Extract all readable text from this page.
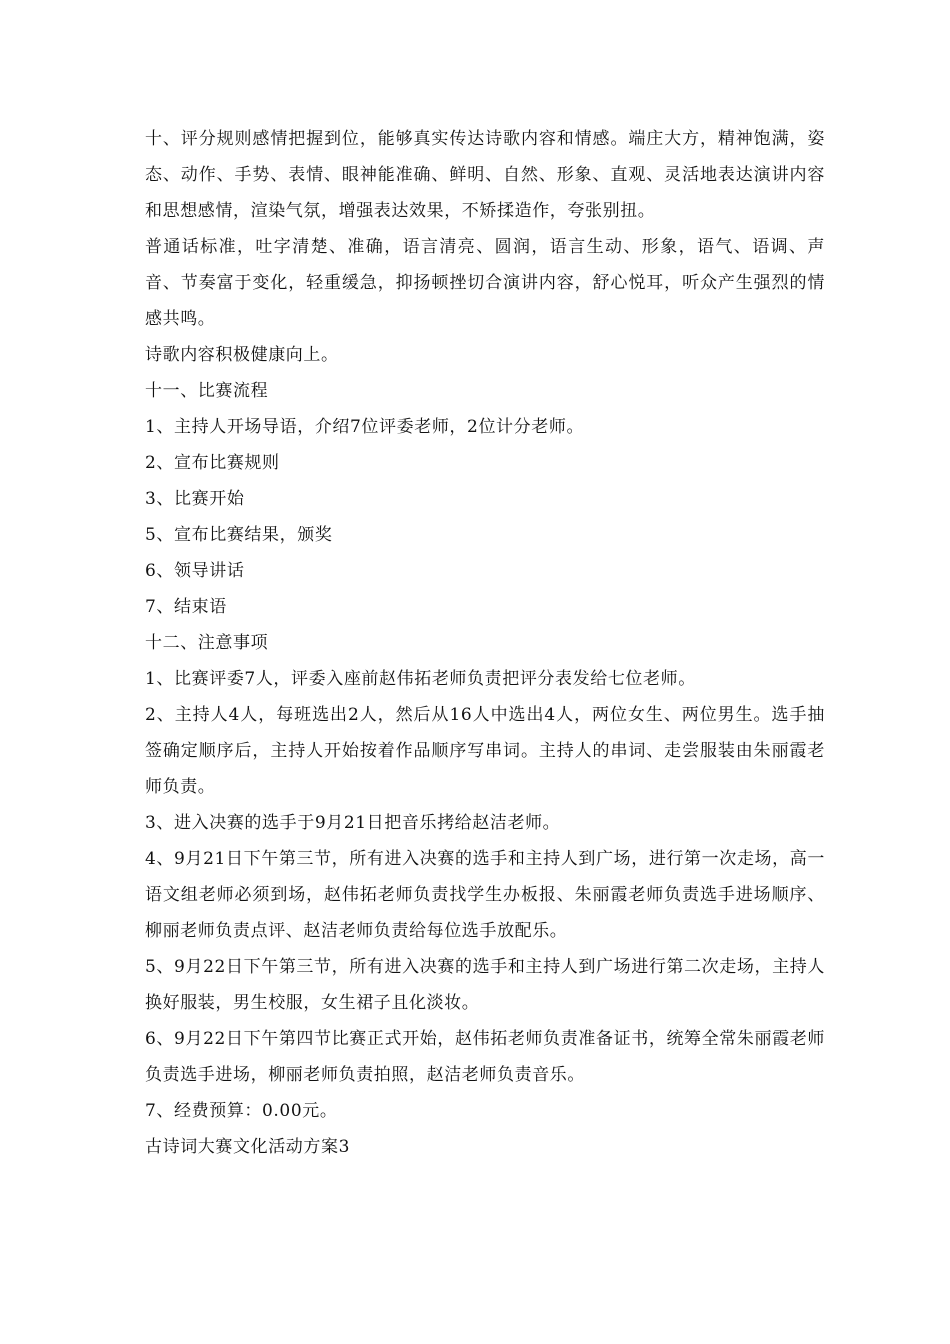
十、评分规则感情把握到位，能够真实传达诗歌内容和情感。端庄大方，精神饱满，姿态、动作、手势、表情、眼神能准确、鲜明、自然、形象、直观、灵活地表达演讲内容和思想感情，渲染气氛，增强表达效果，不矫揉造作，夸张别扭。

普通话标准，吐字清楚、准确，语言清亮、圆润，语言生动、形象，语气、语调、声音、节奏富于变化，轻重缓急，抑扬顿挫切合演讲内容，舒心悦耳，听众产生强烈的情感共鸣。

诗歌内容积极健康向上。

十一、比赛流程

1、主持人开场导语，介绍7位评委老师，2位计分老师。

2、宣布比赛规则

3、比赛开始

5、宣布比赛结果，颁奖

6、领导讲话

7、结束语

十二、注意事项

1、比赛评委7人，评委入座前赵伟拓老师负责把评分表发给七位老师。

2、主持人4人，每班选出2人，然后从16人中选出4人，两位女生、两位男生。选手抽签确定顺序后，主持人开始按着作品顺序写串词。主持人的串词、走尝服装由朱丽霞老师负责。

3、进入决赛的选手于9月21日把音乐拷给赵洁老师。

4、9月21日下午第三节，所有进入决赛的选手和主持人到广场，进行第一次走场，高一语文组老师必须到场，赵伟拓老师负责找学生办板报、朱丽霞老师负责选手进场顺序、柳丽老师负责点评、赵洁老师负责给每位选手放配乐。

5、9月22日下午第三节，所有进入决赛的选手和主持人到广场进行第二次走场，主持人换好服装，男生校服，女生裙子且化淡妆。

6、9月22日下午第四节比赛正式开始，赵伟拓老师负责准备证书，统筹全常朱丽霞老师负责选手进场，柳丽老师负责拍照，赵洁老师负责音乐。

7、经费预算：0.00元。

古诗词大赛文化活动方案3
